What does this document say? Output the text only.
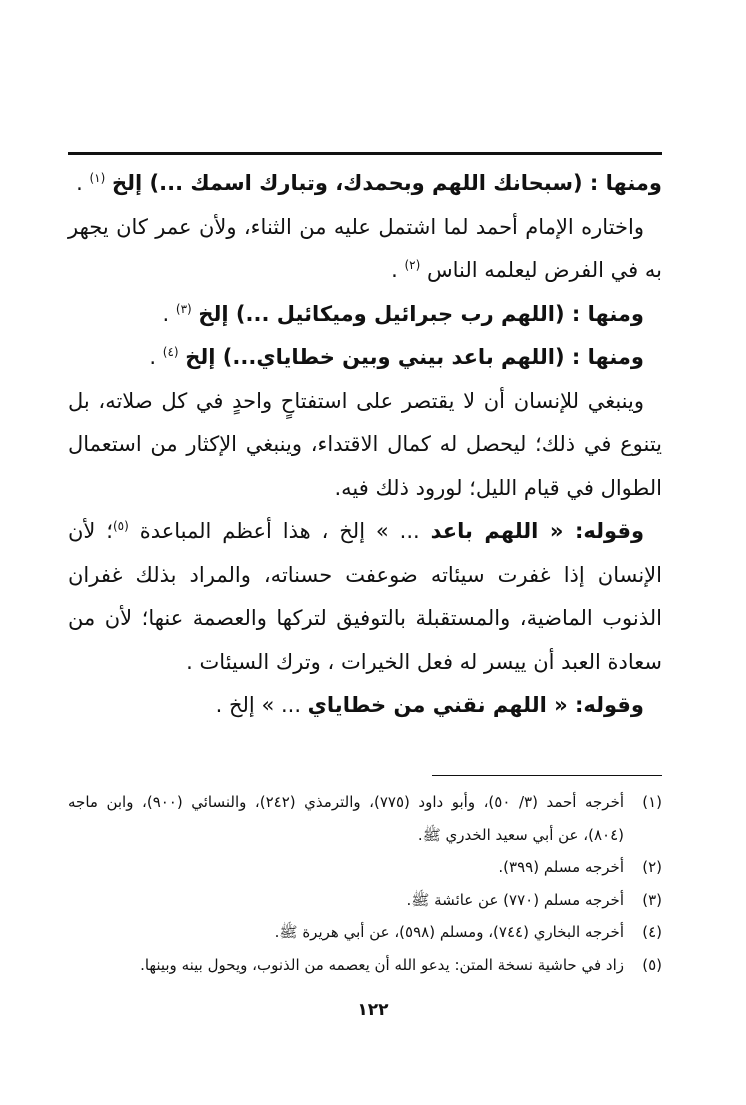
ومنها : (سبحانك اللهم وبحمدك، وتبارك اسمك ...) إلخ $^{(١)}$ .

واختاره الإمام أحمد لما اشتمل عليه من الثناء، ولأن عمر كان يجهر به في الفرض ليعلمه الناس $^{(٢)}$ .

ومنها : (اللهم رب جبرائيل وميكائيل ...) إلخ $^{(٣)}$ .

ومنها : (اللهم باعد بيني وبين خطاياي...) إلخ $^{(٤)}$ .

وينبغي للإنسان أن لا يقتصر على استفتاحٍ واحدٍ في كل صلاته، بل يتنوع في ذلك؛ ليحصل له كمال الاقتداء، وينبغي الإكثار من استعمال الطوال في قيام الليل؛ لورود ذلك فيه.

وقوله: « اللهم باعد ... » إلخ ، هذا أعظم المباعدة $^{(٥)}$؛ لأن الإنسان إذا غفرت سيئاته ضوعفت حسناته، والمراد بذلك غفران الذنوب الماضية، والمستقبلة بالتوفيق لتركها والعصمة عنها؛ لأن من سعادة العبد أن ييسر له فعل الخيرات ، وترك السيئات .

وقوله: « اللهم نقني من خطاياي ... » إلخ .

(١)
أخرجه أحمد (٣/ ٥٠)، وأبو داود (٧٧٥)، والترمذي (٢٤٢)، والنسائي (٩٠٠)، وابن ماجه (٨٠٤)، عن أبي سعيد الخدري ﷺ.
(٢)
أخرجه مسلم (٣٩٩).
(٣)
أخرجه مسلم (٧٧٠) عن عائشة ﷺ.
(٤)
أخرجه البخاري (٧٤٤)، ومسلم (٥٩٨)، عن أبي هريرة ﷺ.
(٥)
زاد في حاشية نسخة المتن: يدعو الله أن يعصمه من الذنوب، ويحول بينه وبينها.
١٢٢
